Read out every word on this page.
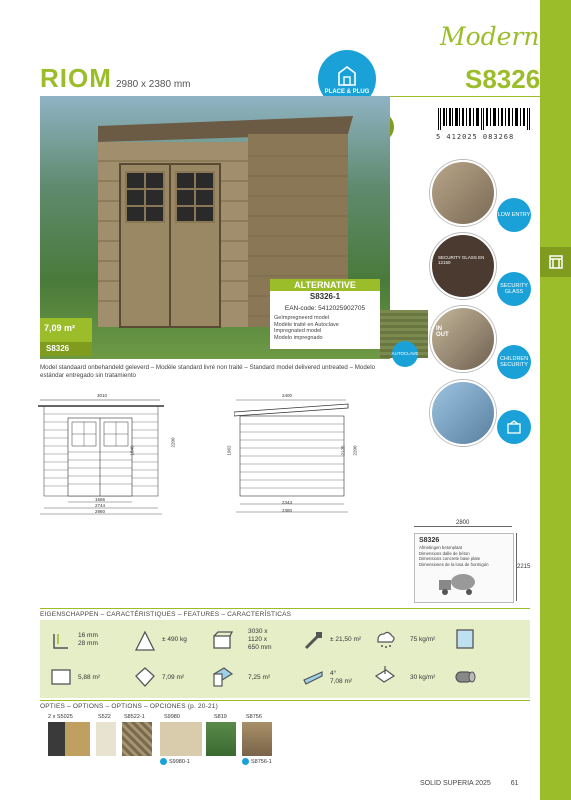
Modern
RIOM 2980 x 2380 mm	S8326
PLACE & PLUG
5 412025 083268
7,09 m²
S8326
ALTERNATIVE
S8326-1
EAN-code: 5412025902705
Geïmpregneerd model
Modèle traité en Autoclave
Impregnated model
Modelo impregnado
AUTOCLAVE
Model standaard onbehandeld geleverd – Modèle standard livré non traité – Standard model delivered untreated – Modelo estándar entregado sin tratamiento
LOW ENTRY
SECURITY GLASS EN 12150
SECURITY GLASS
IN OUT
CHILDREN SECURITY
3010
1566
2744
2980
2200
1840
2400
1962	2125 2200
2344
2380
2800
S8326
Afmetingen betonplaat
Dimensions dalle de béton
Dimensions concrete base plate
Dimensiones de la losa de hormigón	2215
EIGENSCHAPPEN – CARACTÉRISTIQUES – FEATURES – CARACTERÍSTICAS
16 mm
28 mm
± 490 kg
3030 x
1120 x
650 mm
± 21,50 m²	75 kg/m²
5,88 m²	7,09 m²	7,25 m²
4°
7,08 m²
30 kg/m²
OPTIES – OPTIONS – OPTIONS – OPCIONES (p. 20-21)
2 x S5025	S522 S8522-1	S9980
S9980-1
S819	S8756
S8756-1
SOLID SUPERIA 2025	61
